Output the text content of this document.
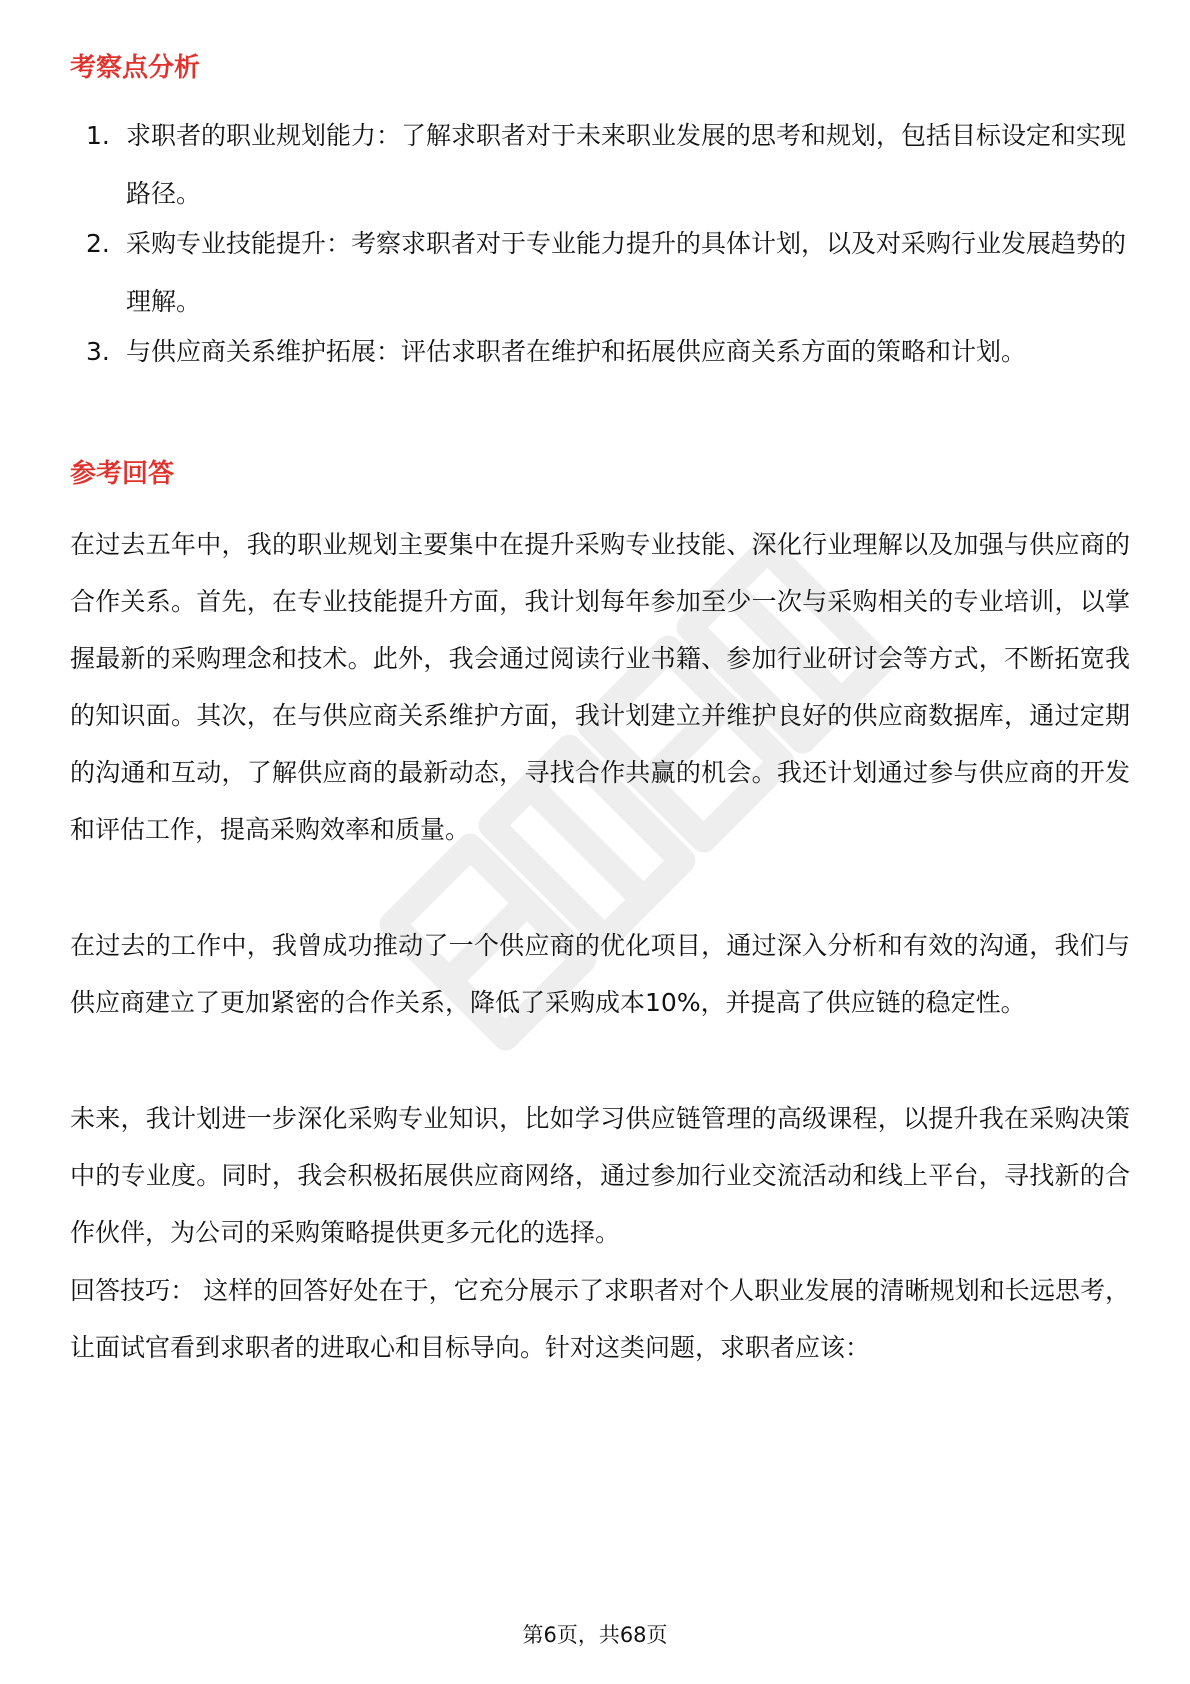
考察点分析
1. 求职者的职业规划能力：了解求职者对于未来职业发展的思考和规划，包括目标设定和实现路径。
2. 采购专业技能提升：考察求职者对于专业能力提升的具体计划，以及对采购行业发展趋势的理解。
3. 与供应商关系维护拓展：评估求职者在维护和拓展供应商关系方面的策略和计划。
参考回答
在过去五年中，我的职业规划主要集中在提升采购专业技能、深化行业理解以及加强与供应商的合作关系。首先，在专业技能提升方面，我计划每年参加至少一次与采购相关的专业培训，以掌握最新的采购理念和技术。此外，我会通过阅读行业书籍、参加行业研讨会等方式，不断拓宽我的知识面。其次，在与供应商关系维护方面，我计划建立并维护良好的供应商数据库，通过定期的沟通和互动，了解供应商的最新动态，寻找合作共赢的机会。我还计划通过参与供应商的开发和评估工作，提高采购效率和质量。
在过去的工作中，我曾成功推动了一个供应商的优化项目，通过深入分析和有效的沟通，我们与供应商建立了更加紧密的合作关系，降低了采购成本10%，并提高了供应链的稳定性。
未来，我计划进一步深化采购专业知识，比如学习供应链管理的高级课程，以提升我在采购决策中的专业度。同时，我会积极拓展供应商网络，通过参加行业交流活动和线上平台，寻找新的合作伙伴，为公司的采购策略提供更多元化的选择。
回答技巧： 这样的回答好处在于，它充分展示了求职者对个人职业发展的清晰规划和长远思考，让面试官看到求职者的进取心和目标导向。针对这类问题，求职者应该：
第6页，共68页
